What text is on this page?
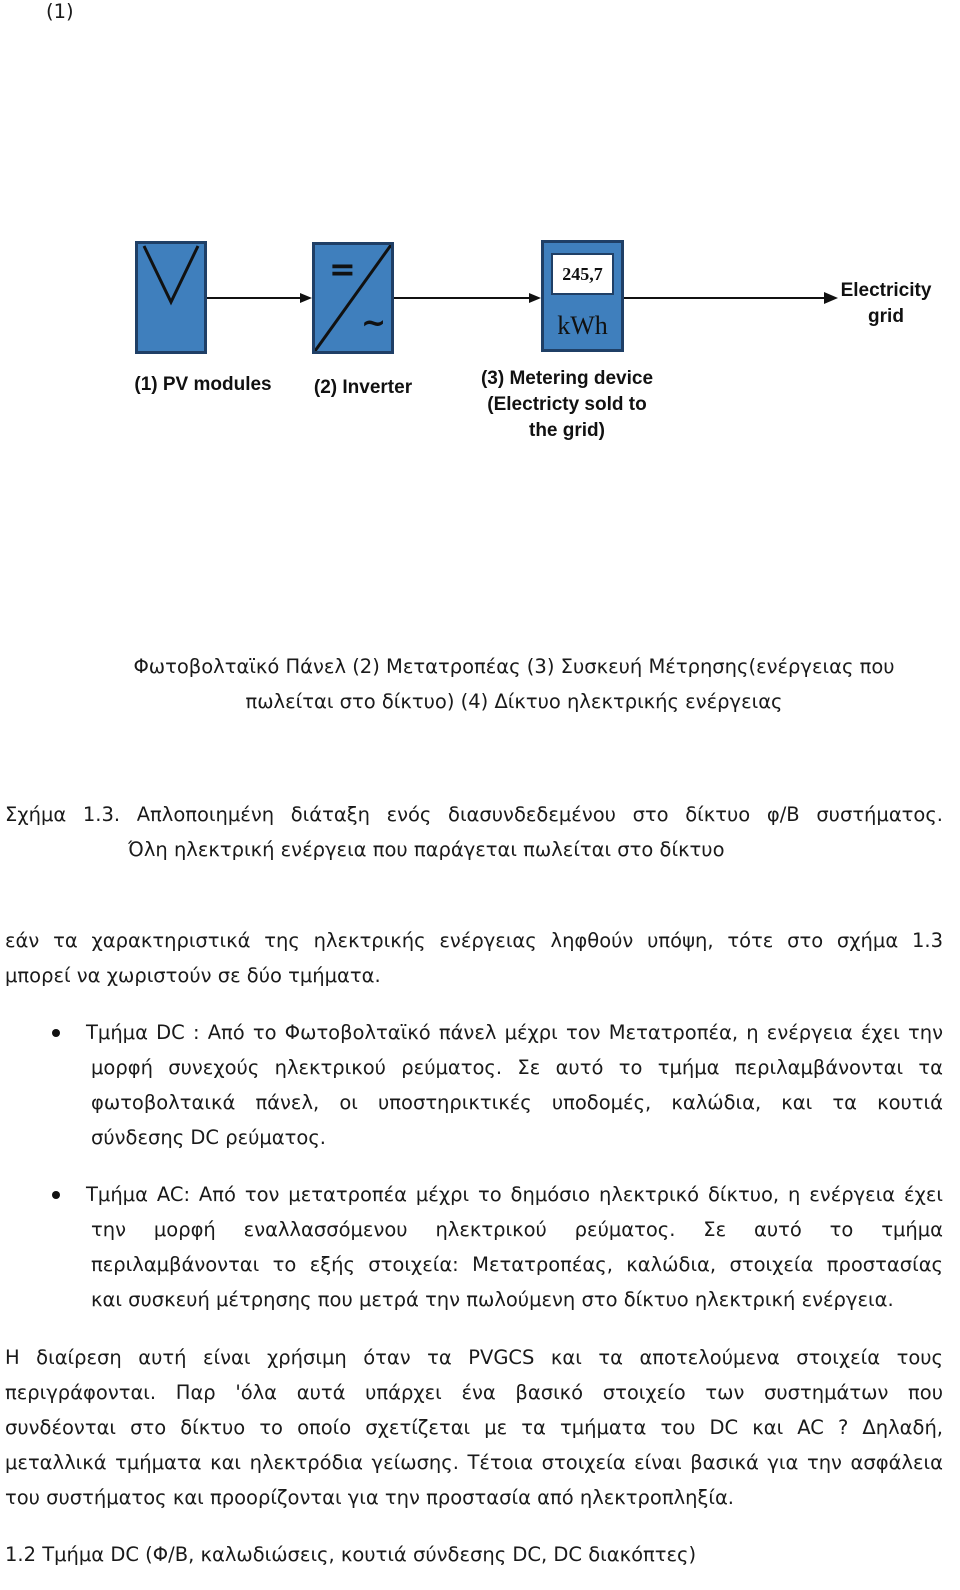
(1)
=
~
245,7
kWh
Electricity
grid
(1) PV modules	(2) Inverter	(3) Metering device
(Electricty sold to
the grid)
Φωτοβολταϊκό Πάνελ (2) Μετατροπέας (3) Συσκευή Μέτρησης(ενέργειας που
πωλείται στο δίκτυο) (4) Δίκτυο ηλεκτρικής ενέργειας
Σχήμα 1.3. Απλοποιημένη διάταξη ενός διασυνδεδεμένου στο δίκτυο φ/Β συστήματος.
Όλη ηλεκτρική ενέργεια που παράγεται πωλείται στο δίκτυο
εάν τα χαρακτηριστικά της ηλεκτρικής ενέργειας ληφθούν υπόψη, τότε στο σχήμα 1.3
μπορεί να χωριστούν σε δύο τμήματα.
Τμήμα DC : Από το Φωτοβολταϊκό πάνελ μέχρι τον Μετατροπέα, η ενέργεια έχει την
μορφή συνεχούς ηλεκτρικού ρεύματος. Σε αυτό το τμήμα περιλαμβάνονται τα
φωτοβολταικά πάνελ, οι υποστηρικτικές υποδομές, καλώδια, και τα κουτιά
σύνδεσης DC ρεύματος.
Τμήμα AC: Από τον μετατροπέα μέχρι το δημόσιο ηλεκτρικό δίκτυο, η ενέργεια έχει
την μορφή εναλλασσόμενου ηλεκτρικού ρεύματος. Σε αυτό το τμήμα
περιλαμβάνονται το εξής στοιχεία: Μετατροπέας, καλώδια, στοιχεία προστασίας
και συσκευή μέτρησης που μετρά την πωλούμενη στο δίκτυο ηλεκτρική ενέργεια.
Η διαίρεση αυτή είναι χρήσιμη όταν τα PVGCS και τα αποτελούμενα στοιχεία τους
περιγράφονται. Παρ 'όλα αυτά υπάρχει ένα βασικό στοιχείο των συστημάτων που
συνδέονται στο δίκτυο το οποίο σχετίζεται με τα τμήματα του DC και AC ? Δηλαδή,
μεταλλικά τμήματα και ηλεκτρόδια γείωσης. Τέτοια στοιχεία είναι βασικά για την ασφάλεια
του συστήματος και προορίζονται για την προστασία από ηλεκτροπληξία.
1.2 Τμήμα DC (Φ/Β, καλωδιώσεις, κουτιά σύνδεσης DC, DC διακόπτες)
